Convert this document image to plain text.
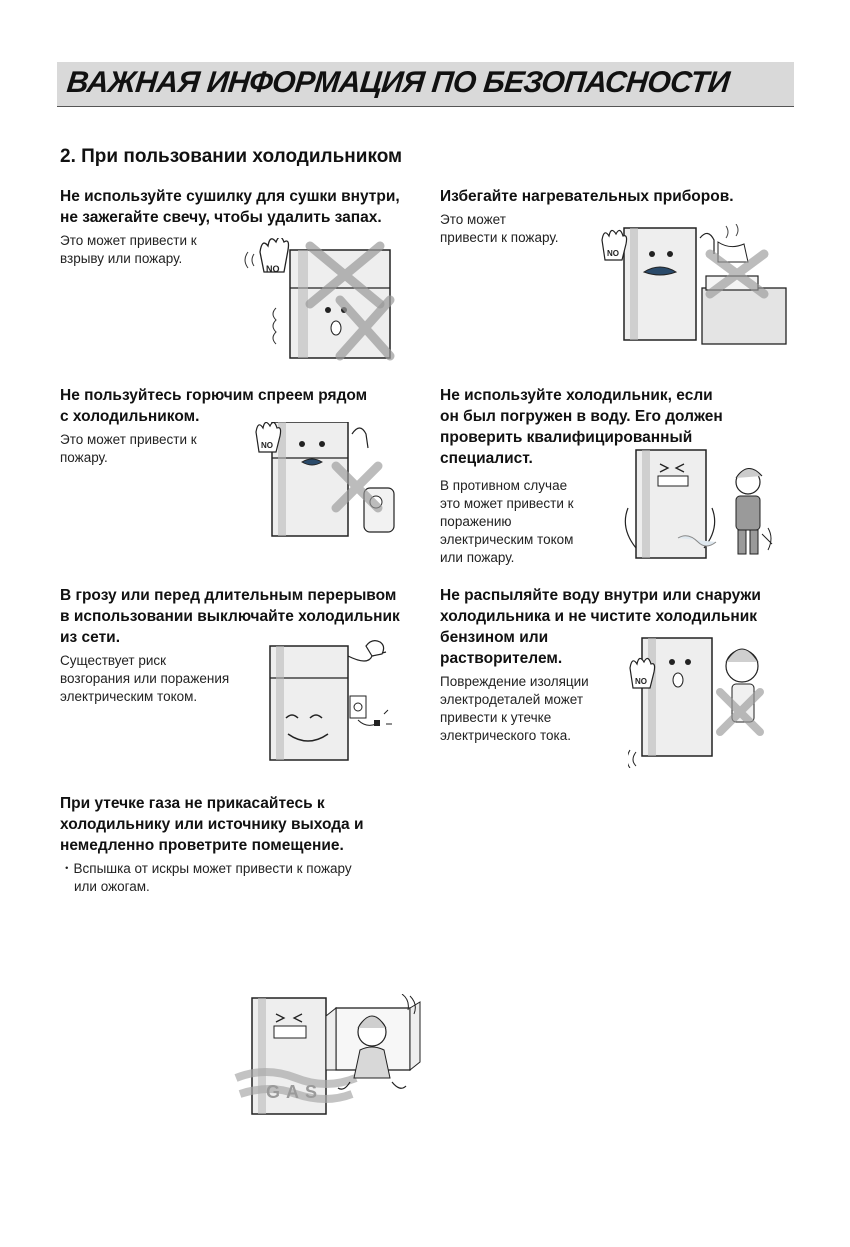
ВАЖНАЯ ИНФОРМАЦИЯ ПО БЕЗОПАСНОСТИ
2. При пользовании холодильником
Не используйте сушилку для сушки внутри,
не зажегайте свечу, чтобы удалить запах.

Это может привести к
взрыву или пожару.

Избегайте нагревательных приборов.

Это может
привести к пожару.

Не пользуйтесь горючим спреем рядом
с холодильником.

Это может привести к
пожару.

Не используйте холодильник, если
он был погружен в воду. Его должен
проверить квалифицированный
специалист.

В противном случае
это может привести к
поражению
электрическим током
или пожару.

В грозу или перед длительным перерывом
в использовании выключайте холодильник
из сети.

Существует риск
возгорания или поражения
электрическим током.

Не распыляйте воду внутри или снаружи
холодильника и не чистите холодильник
бензином или
растворителем.

Повреждение изоляции
электродеталей может
привести к утечке
электрического тока.

При утечке газа не прикасайтесь к
холодильнику или источнику выхода и
немедленно проветрите помещение.

・Вспышка от искры может привести к пожару
или ожогам.

NO
NO
NO
NO
GAS
